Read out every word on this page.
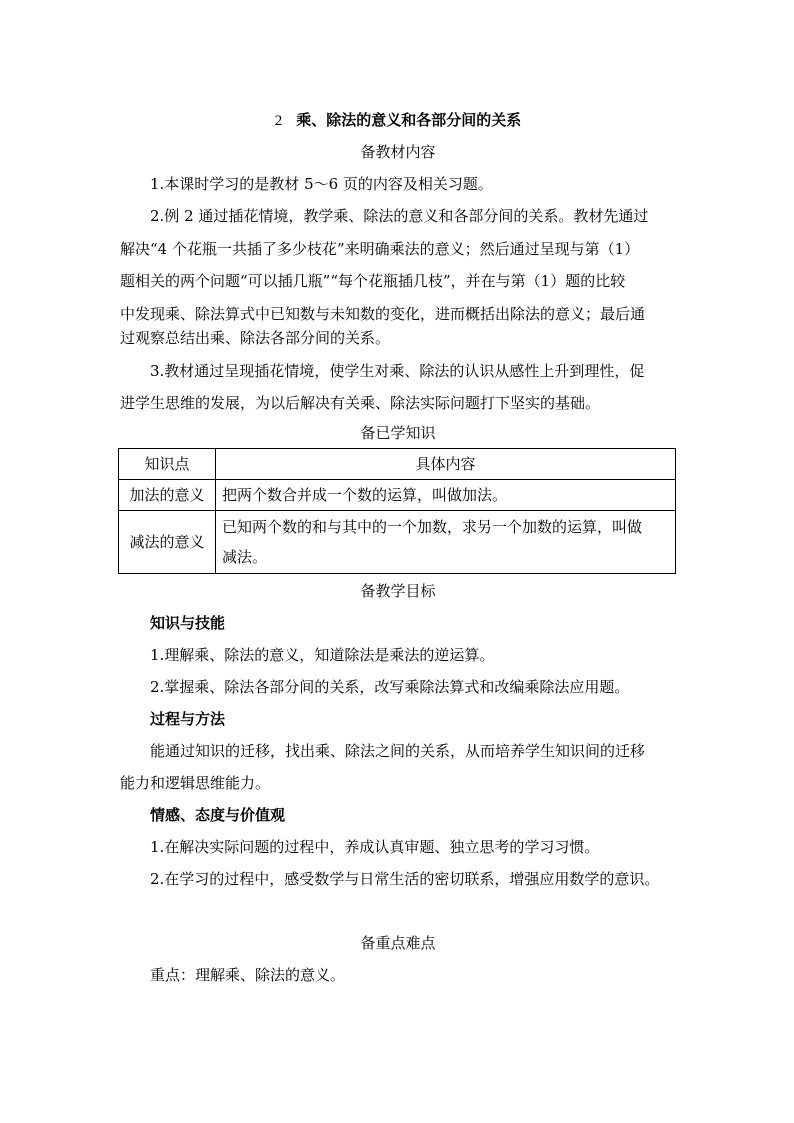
2 乘、除法的意义和各部分间的关系
备教材内容
1.本课时学习的是教材 5～6 页的内容及相关习题。
2.例 2 通过插花情境，教学乘、除法的意义和各部分间的关系。教材先通过
解决“4 个花瓶一共插了多少枝花”来明确乘法的意义；然后通过呈现与第（1）
题相关的两个问题“可以插几瓶”“每个花瓶插几枝”，并在与第（1）题的比较
中发现乘、除法算式中已知数与未知数的变化，进而概括出除法的意义；最后通
过观察总结出乘、除法各部分间的关系。
3.教材通过呈现插花情境，使学生对乘、除法的认识从感性上升到理性，促
进学生思维的发展，为以后解决有关乘、除法实际问题打下坚实的基础。
备已学知识
知识点	具体内容
加法的意义	把两个数合并成一个数的运算，叫做加法。
减法的意义	已知两个数的和与其中的一个加数，求另一个加数的运算，叫做
减法。
备教学目标
知识与技能
1.理解乘、除法的意义，知道除法是乘法的逆运算。
2.掌握乘、除法各部分间的关系，改写乘除法算式和改编乘除法应用题。
过程与方法
能通过知识的迁移，找出乘、除法之间的关系，从而培养学生知识间的迁移
能力和逻辑思维能力。
情感、态度与价值观
1.在解决实际问题的过程中，养成认真审题、独立思考的学习习惯。
2.在学习的过程中，感受数学与日常生活的密切联系，增强应用数学的意识。
备重点难点
重点：理解乘、除法的意义。
